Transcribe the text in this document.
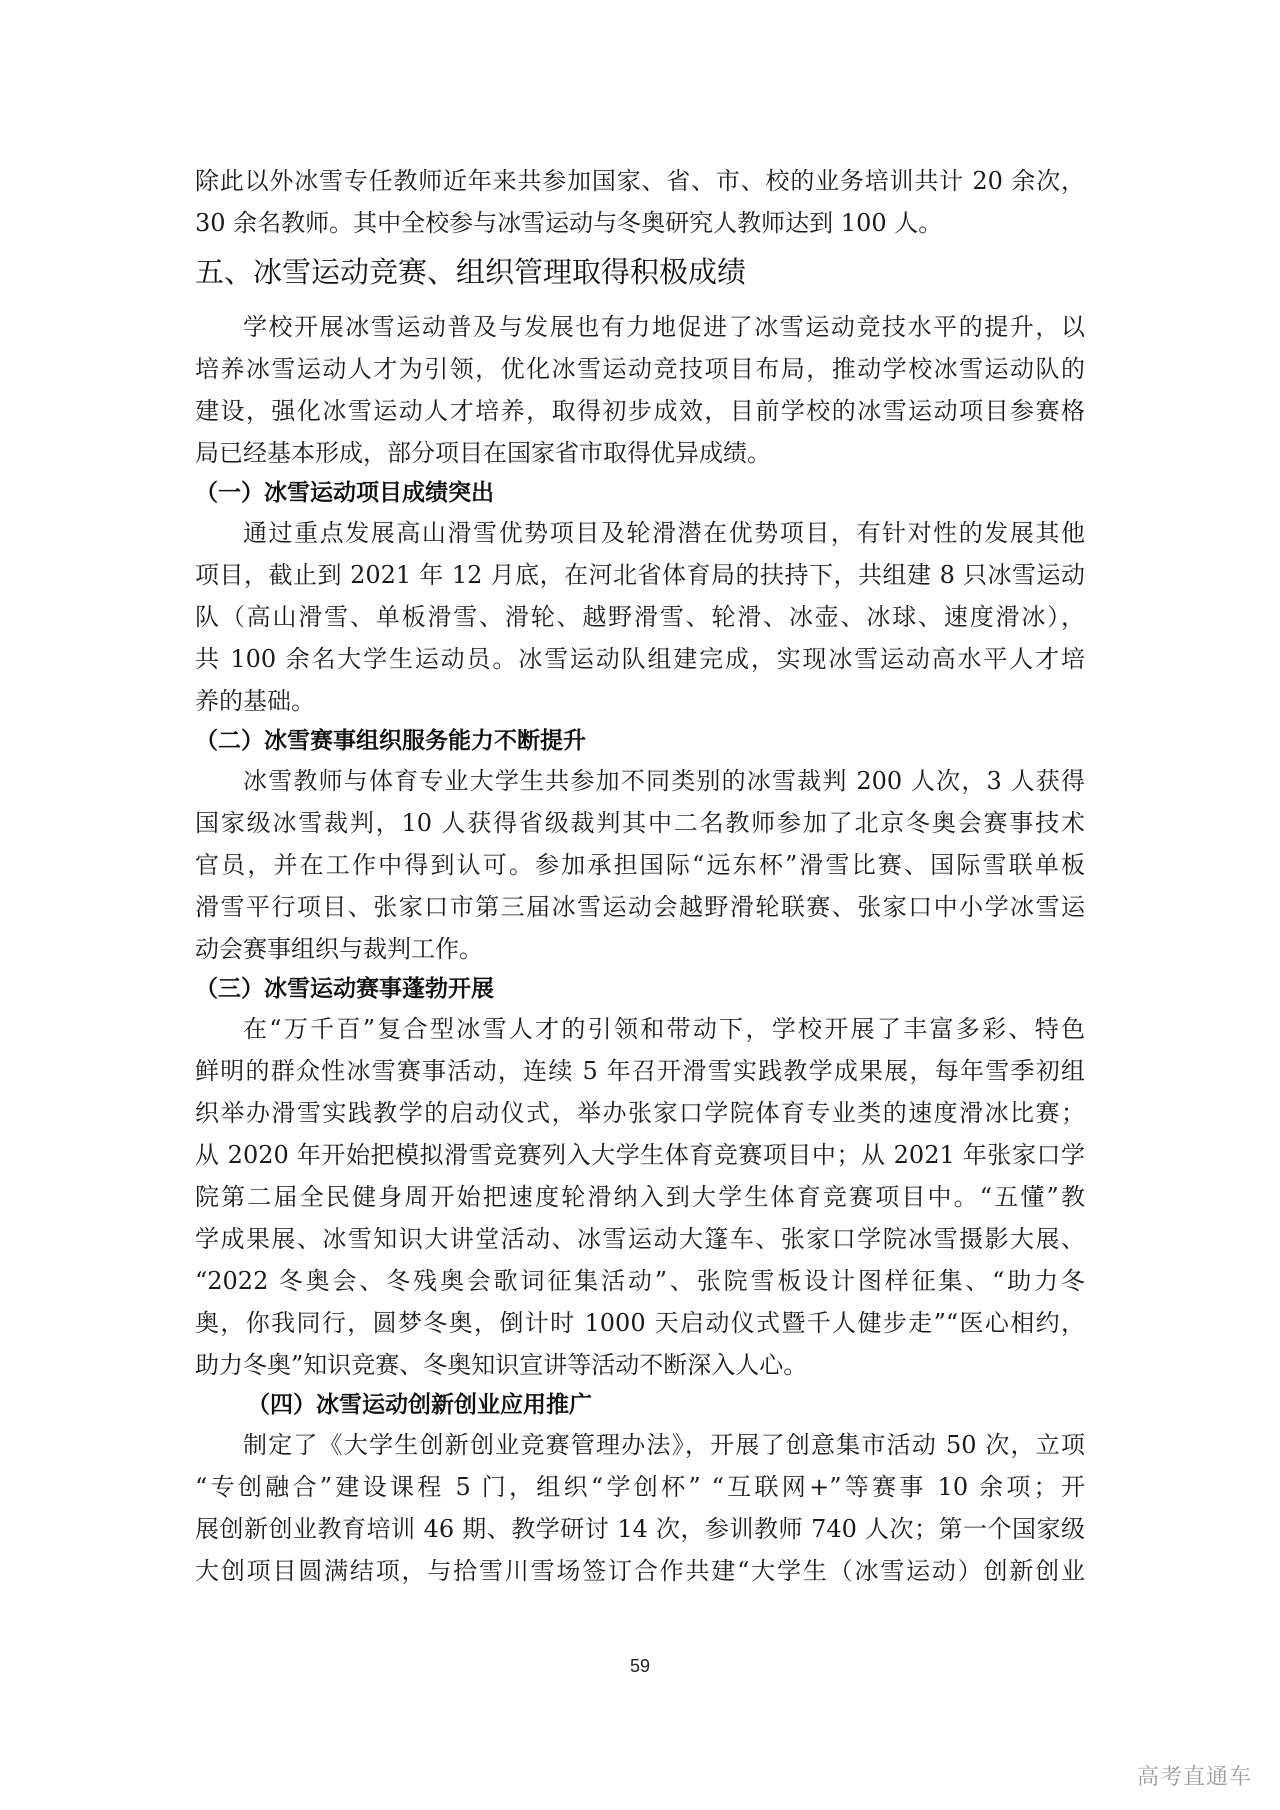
除此以外冰雪专任教师近年来共参加国家、省、市、校的业务培训共计 20 余次，
30 余名教师。其中全校参与冰雪运动与冬奥研究人教师达到 100 人。
五、冰雪运动竞赛、组织管理取得积极成绩
学校开展冰雪运动普及与发展也有力地促进了冰雪运动竞技水平的提升，以
培养冰雪运动人才为引领，优化冰雪运动竞技项目布局，推动学校冰雪运动队的
建设，强化冰雪运动人才培养，取得初步成效，目前学校的冰雪运动项目参赛格
局已经基本形成，部分项目在国家省市取得优异成绩。
（一）冰雪运动项目成绩突出
通过重点发展高山滑雪优势项目及轮滑潜在优势项目，有针对性的发展其他
项目，截止到 2021 年 12 月底，在河北省体育局的扶持下，共组建 8 只冰雪运动
队（高山滑雪、单板滑雪、滑轮、越野滑雪、轮滑、冰壶、冰球、速度滑冰），
共 100 余名大学生运动员。冰雪运动队组建完成，实现冰雪运动高水平人才培
养的基础。
（二）冰雪赛事组织服务能力不断提升
冰雪教师与体育专业大学生共参加不同类别的冰雪裁判 200 人次，3 人获得
国家级冰雪裁判，10 人获得省级裁判其中二名教师参加了北京冬奥会赛事技术
官员，并在工作中得到认可。参加承担国际“远东杯”滑雪比赛、国际雪联单板
滑雪平行项目、张家口市第三届冰雪运动会越野滑轮联赛、张家口中小学冰雪运
动会赛事组织与裁判工作。
（三）冰雪运动赛事蓬勃开展
在“万千百”复合型冰雪人才的引领和带动下，学校开展了丰富多彩、特色
鲜明的群众性冰雪赛事活动，连续 5 年召开滑雪实践教学成果展，每年雪季初组
织举办滑雪实践教学的启动仪式，举办张家口学院体育专业类的速度滑冰比赛；
从 2020 年开始把模拟滑雪竞赛列入大学生体育竞赛项目中；从 2021 年张家口学
院第二届全民健身周开始把速度轮滑纳入到大学生体育竞赛项目中。“五懂”教
学成果展、冰雪知识大讲堂活动、冰雪运动大篷车、张家口学院冰雪摄影大展、
“2022 冬奥会、冬残奥会歌词征集活动”、张院雪板设计图样征集、“助力冬
奥，你我同行，圆梦冬奥，倒计时 1000 天启动仪式暨千人健步走”“医心相约，
助力冬奥”知识竞赛、冬奥知识宣讲等活动不断深入人心。
（四）冰雪运动创新创业应用推广
制定了《大学生创新创业竞赛管理办法》，开展了创意集市活动 50 次，立项
“专创融合”建设课程 5 门，组织“学创杯” “互联网+”等赛事 10 余项；开
展创新创业教育培训 46 期、教学研讨 14 次，参训教师 740 人次；第一个国家级
大创项目圆满结项，与拾雪川雪场签订合作共建“大学生（冰雪运动）创新创业
59
高考直通车
